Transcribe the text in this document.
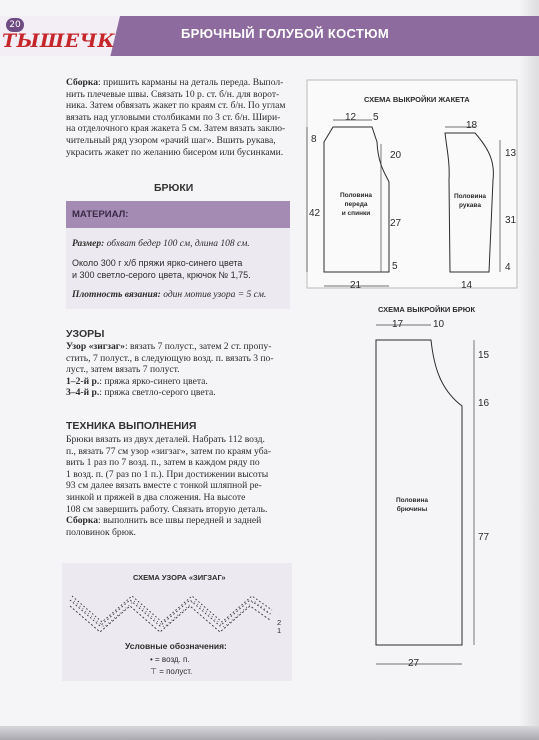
20
ТЫШЕЧК	БРЮЧНЫЙ ГОЛУБОЙ КОСТЮМ
Сборка: пришить карманы на деталь переда. Выпол-
нить плечевые швы. Связать 10 р. ст. б/н. для ворот-
ника. Затем обвязать жакет по краям ст. б/н. По углам
вязать над угловыми столбиками по 3 ст. б/н. Шири-
на отделочного края жакета 5 см. Затем вязать заклю-
чительный ряд узором «рачий шаг». Вшить рукава,
украсить жакет по желанию бисером или бусинками.
БРЮКИ
МАТЕРИАЛ:
Размер: обхват бедер 100 см, длина 108 см.
Около 300 г х/б пряжи ярко-синего цвета
и 300 светло-серого цвета, крючок № 1,75.
Плотность вязания: один мотив узора = 5 см.
УЗОРЫ
Узор «зигзаг»: вязать 7 полуст., затем 2 ст. пропу-
стить, 7 полуст., в следующую возд. п. вязать 3 по-
луст., затем вязать 7 полуст.
1–2-й р.: пряжа ярко-синего цвета.
3–4-й р.: пряжа светло-серого цвета.
ТЕХНИКА ВЫПОЛНЕНИЯ
Брюки вязать из двух деталей. Набрать 112 возд.
п., вязать 77 см узор «зигзаг», затем по краям уба-
вить 1 раз по 7 возд. п., затем в каждом ряду по
1 возд. п. (7 раз по 1 п.). При достижении высоты
93 см далее вязать вместе с тонкой шляпной ре-
зинкой и пряжей в два сложения. На высоте
108 см завершить работу. Связать вторую деталь.
Сборка: выполнить все швы передней и задней
половинок брюк.
СХЕМА УЗОРА «ЗИГЗАГ»
Условные обозначения:
• = возд. п.
⊤ = полуст.
2
1
СХЕМА ВЫКРОЙКИ ЖАКЕТА
Половина
переда
и спинки
Половина
рукава
12 5
8
42
20
27
5
21
18
13
31
4
14
СХЕМА ВЫКРОЙКИ БРЮК
Половина
брючины
17	10
15
16
77
27
